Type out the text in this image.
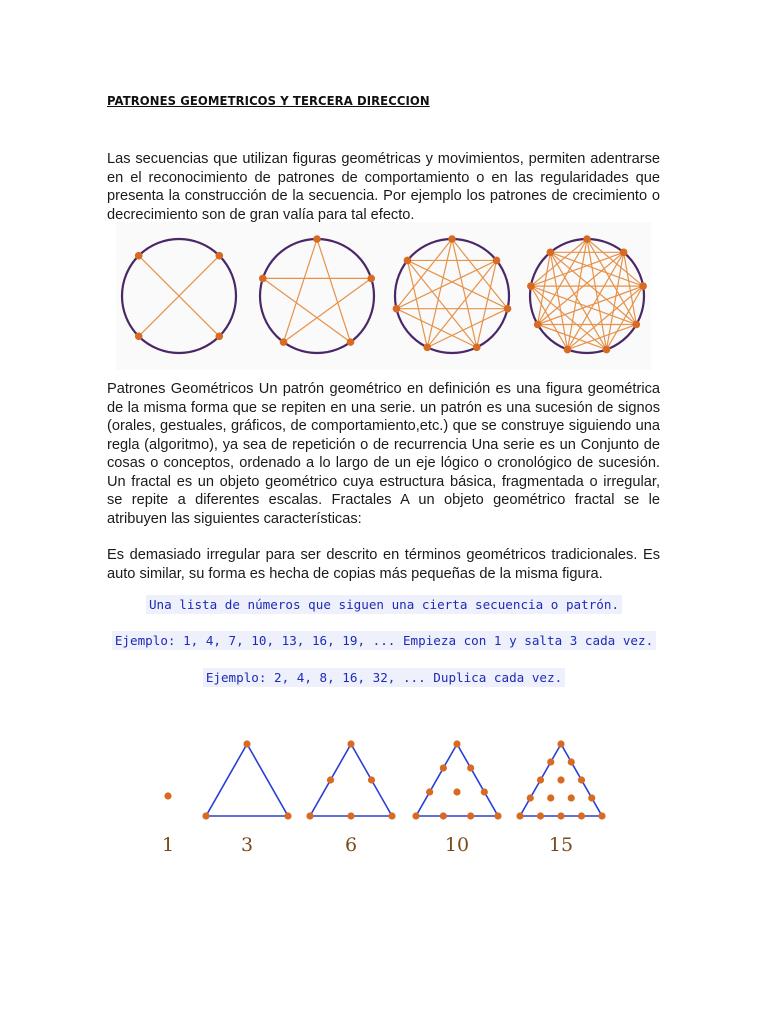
PATRONES GEOMETRICOS Y TERCERA DIRECCION
Las secuencias que utilizan figuras geométricas y movimientos, permiten adentrarse en el reconocimiento de patrones de comportamiento o en las regularidades que presenta la construcción de la secuencia. Por ejemplo los patrones de crecimiento o decrecimiento son de gran valía para tal efecto.
Patrones Geométricos Un patrón geométrico en definición es una figura geométrica de la misma forma que se repiten en una serie. un patrón es una sucesión de signos (orales, gestuales, gráficos, de comportamiento,etc.) que se construye siguiendo una regla (algoritmo), ya sea de repetición o de recurrencia Una serie es un Conjunto de cosas o conceptos, ordenado a lo largo de un eje lógico o cronológico de sucesión. Un fractal es un objeto geométrico cuya estructura básica, fragmentada o irregular, se repite a diferentes escalas. Fractales A un objeto geométrico fractal se le atribuyen las siguientes características:
Es demasiado irregular para ser descrito en términos geométricos tradicionales. Es auto similar, su forma es hecha de copias más pequeñas de la misma figura.
Una lista de números que siguen una cierta secuencia o patrón.
Ejemplo: 1, 4, 7, 10, 13, 16, 19, ... Empieza con 1 y salta 3 cada vez.
Ejemplo: 2, 4, 8, 16, 32, ... Duplica cada vez.
1	3	6	10	15
